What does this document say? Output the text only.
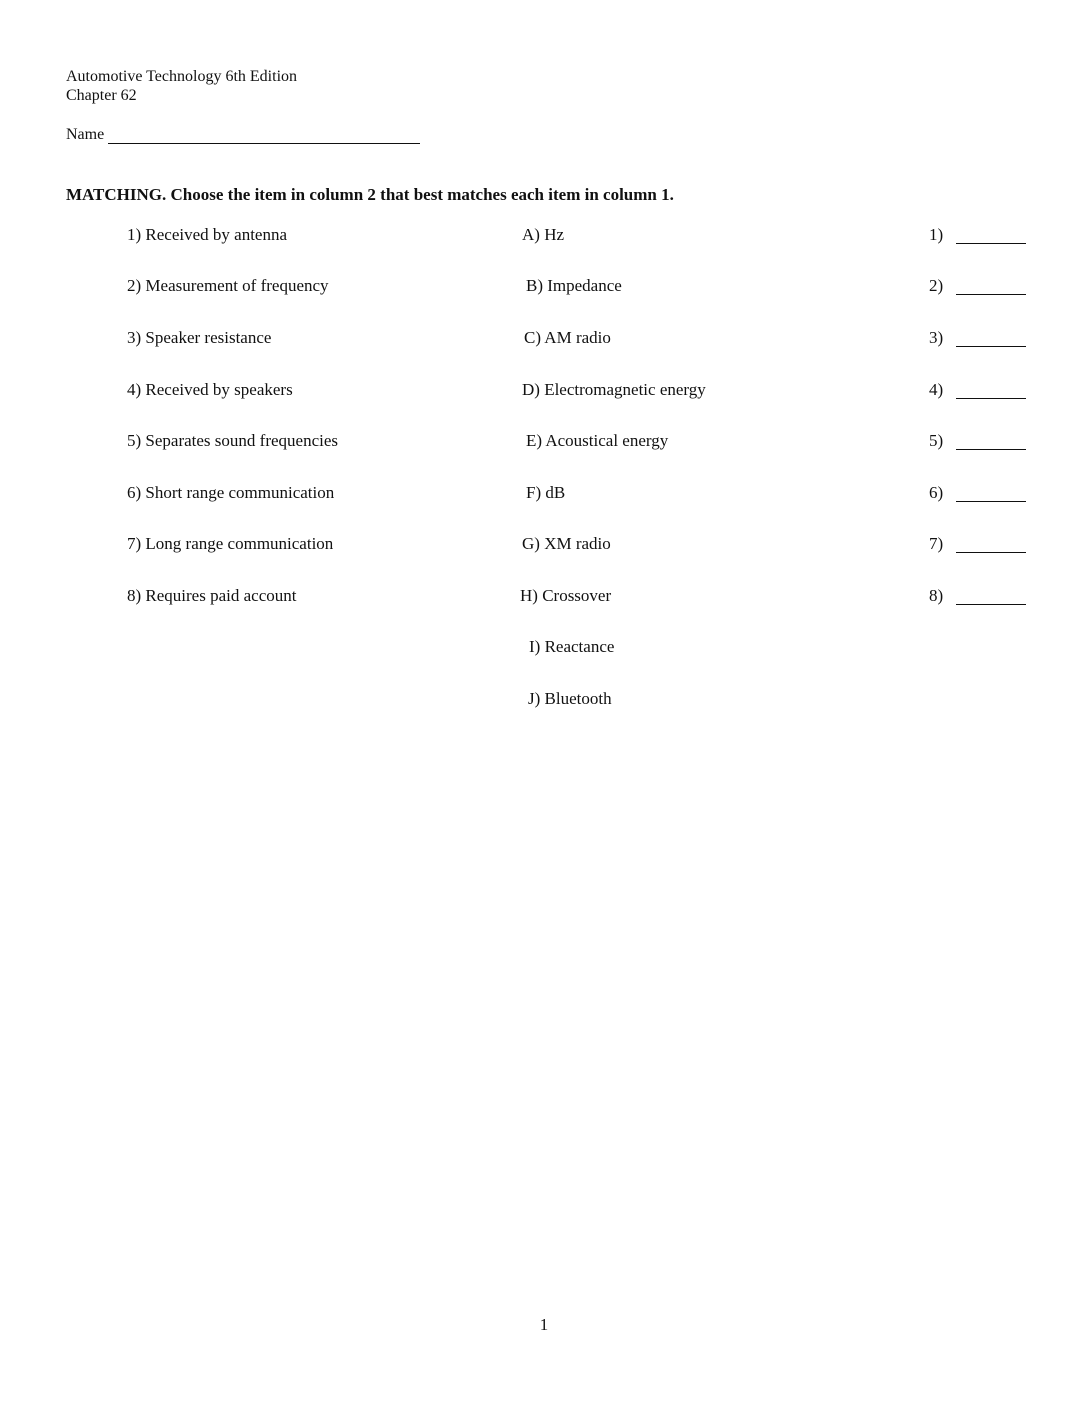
Automotive Technology 6th Edition
Chapter 62
Name
MATCHING. Choose the item in column 2 that best matches each item in column 1.
1) Received by antenna
2) Measurement of frequency
3) Speaker resistance
4) Received by speakers
5) Separates sound frequencies
6) Short range communication
7) Long range communication
8) Requires paid account
A) Hz
B) Impedance
C) AM radio
D) Electromagnetic energy
E) Acoustical energy
F) dB
G) XM radio
H) Crossover
I) Reactance
J) Bluetooth
1)
2)
3)
4)
5)
6)
7)
8)
1
